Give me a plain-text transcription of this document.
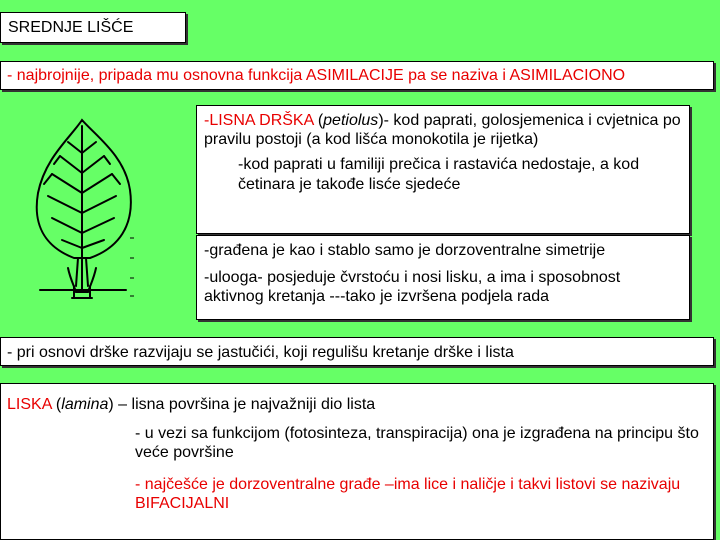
SREDNJE LIŠĆE
- najbrojnije, pripada mu osnovna funkcija ASIMILACIJE pa se naziva i ASIMILACIONO

-LISNA DRŠKA (petiolus)- kod paprati, golosjemenica i cvjetnica po pravilu postoji (a kod lišća monokotila je rijetka)

-kod paprati u familiji prečica i rastavića nedostaje, a kod četinara je takođe lisće sjedeće

-građena je kao i stablo samo je dorzoventralne simetrije

-ulooga- posjeduje čvrstoću i nosi lisku, a ima i sposobnost aktivnog kretanja ---tako je izvršena podjela rada

- pri osnovi drške razvijaju se jastučići, koji regulišu kretanje drške i lista

LISKA (lamina) – lisna površina je najvažniji dio lista

- u vezi sa funkcijom (fotosinteza, transpiracija) ona je izgrađena na principu što veće površine

- najčešće je dorzoventralne građe –ima lice i naličje i takvi listovi se nazivaju BIFACIJALNI
